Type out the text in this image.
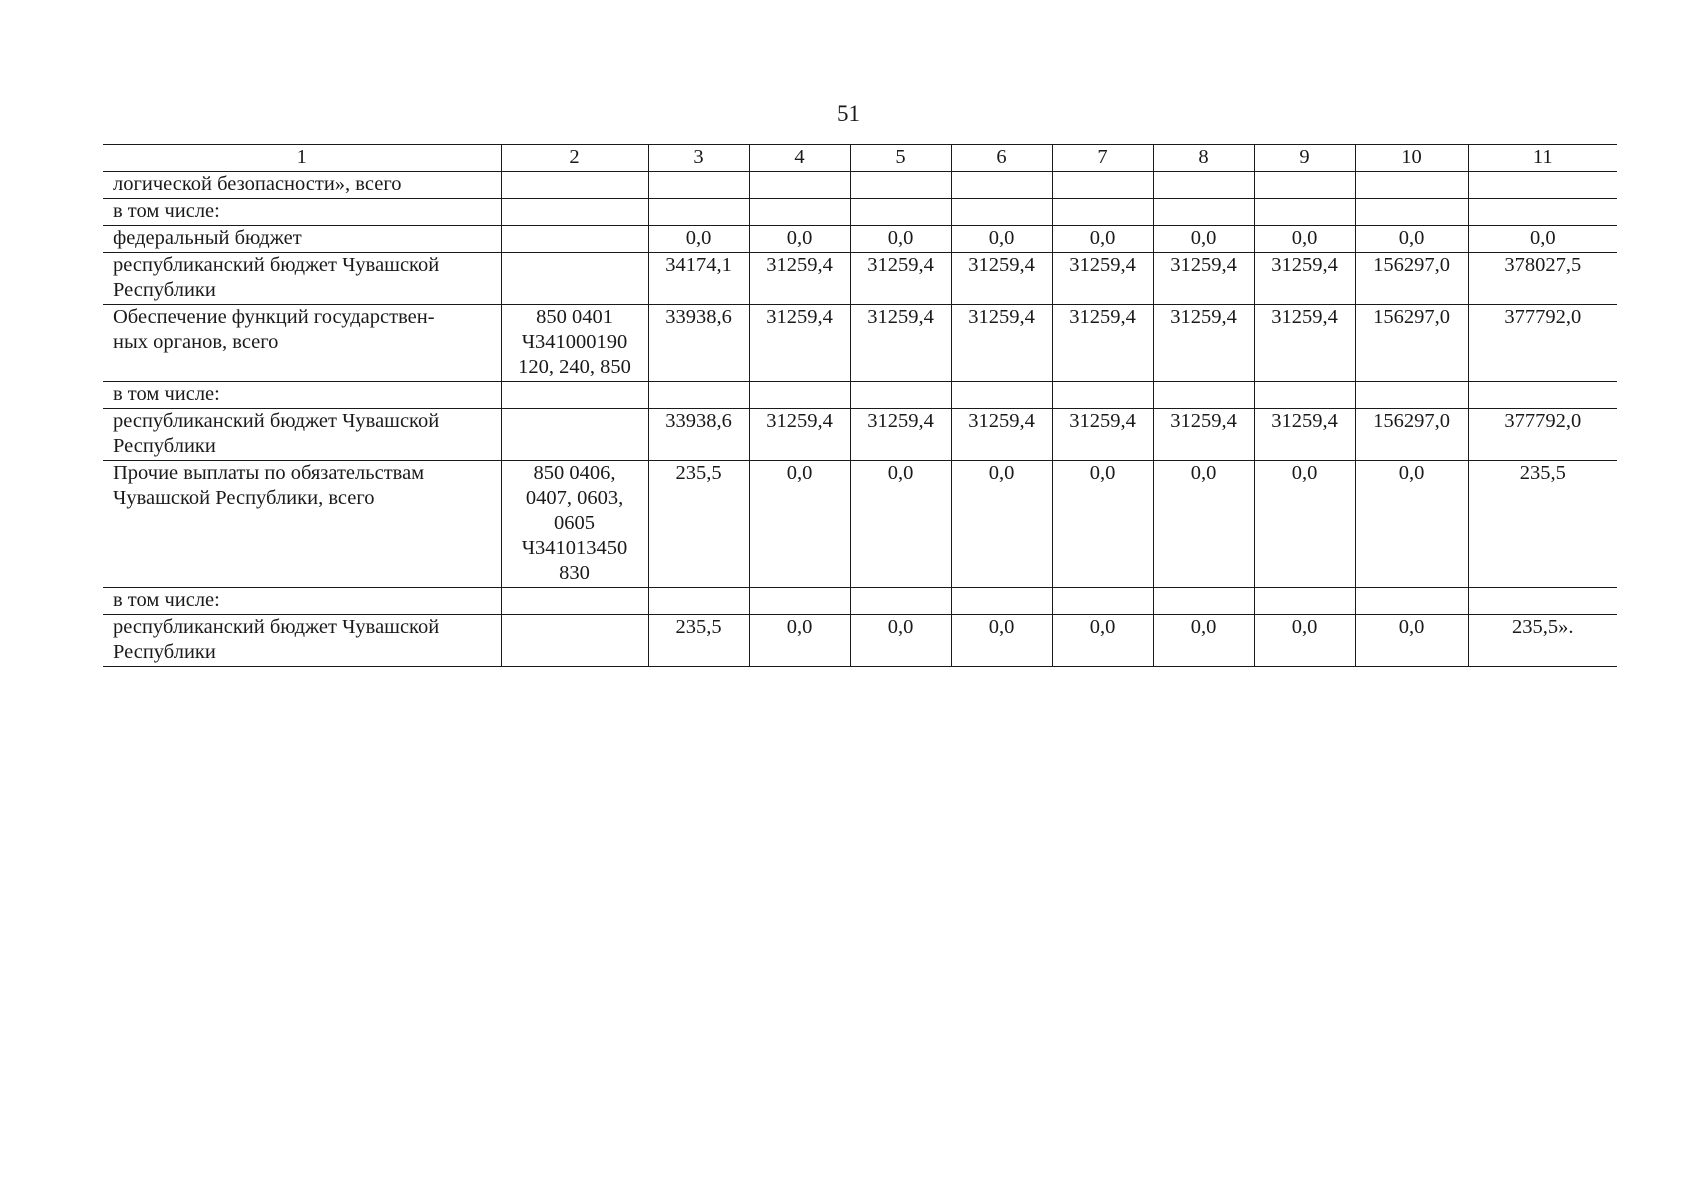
51
1	2	3	4	5	6	7	8	9	10	11

логической безопасности», всего										

в том числе:										

федеральный бюджет		0,0	0,0	0,0	0,0	0,0	0,0	0,0	0,0	0,0

республиканский бюджет Чувашской
Республики		34174,1	31259,4	31259,4	31259,4	31259,4	31259,4	31259,4	156297,0	378027,5

Обеспечение функций государствен-
ных органов, всего	850 0401
Ч341000190
120, 240, 850	33938,6	31259,4	31259,4	31259,4	31259,4	31259,4	31259,4	156297,0	377792,0

в том числе:										

республиканский бюджет Чувашской
Республики		33938,6	31259,4	31259,4	31259,4	31259,4	31259,4	31259,4	156297,0	377792,0

Прочие выплаты по обязательствам
Чувашской Республики, всего	850 0406,
0407, 0603,
0605
Ч341013450
830	235,5	0,0	0,0	0,0	0,0	0,0	0,0	0,0	235,5

в том числе:										

республиканский бюджет Чувашской
Республики		235,5	0,0	0,0	0,0	0,0	0,0	0,0	0,0	235,5».
